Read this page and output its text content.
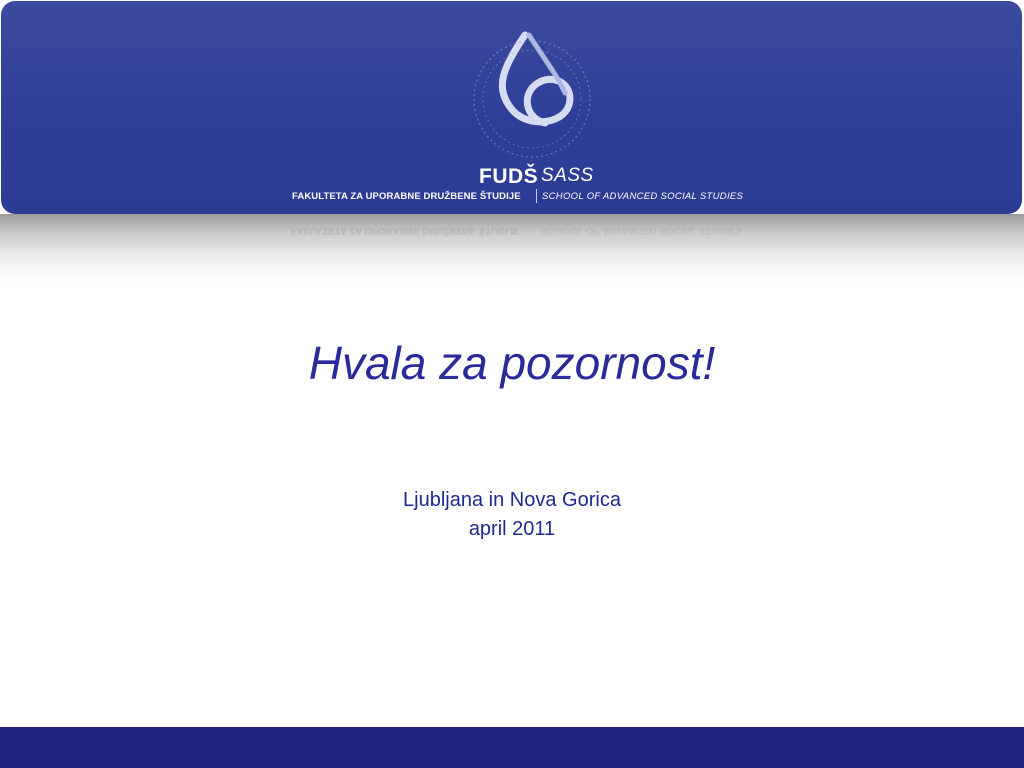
FUDŠ SASS
FAKULTETA ZA UPORABNE DRUŽBENE ŠTUDIJE SCHOOL OF ADVANCED SOCIAL STUDIES
FAKULTETA ZA UPORABNE DRUŽBENE ŠTUDIJE SCHOOL OF ADVANCED SOCIAL STUDIES
Hvala za pozornost!
Ljubljana in Nova Gorica
april 2011
